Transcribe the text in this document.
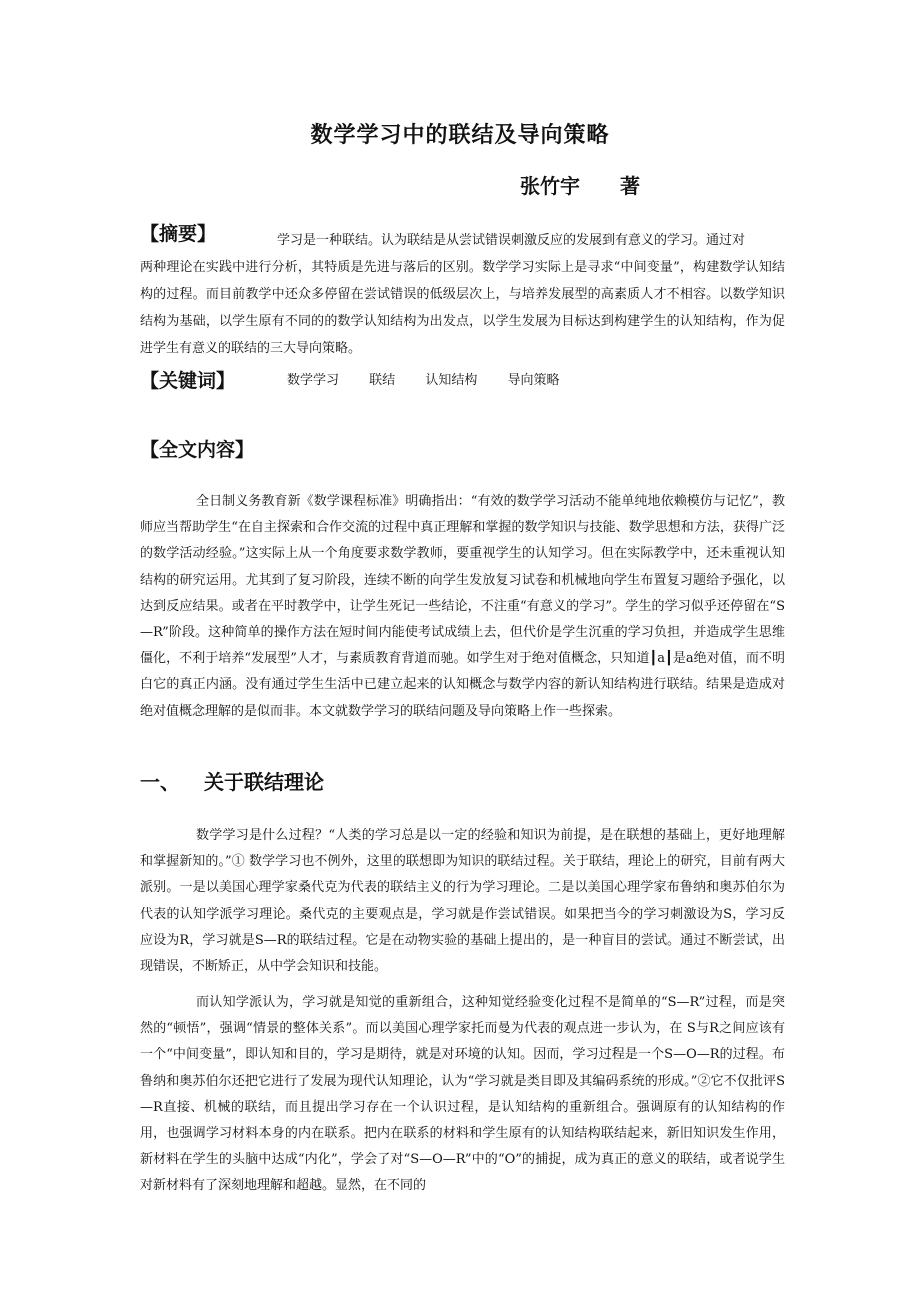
数学学习中的联结及导向策略
张竹宇 著
【摘要】	学习是一种联结。认为联结是从尝试错误刺激反应的发展到有意义的学习。通过对
两种理论在实践中进行分析，其特质是先进与落后的区别。数学学习实际上是寻求“中间变量”，构建数学认知结构的过程。而目前教学中还众多停留在尝试错误的低级层次上，与培养发展型的高素质人才不相容。以数学知识结构为基础，以学生原有不同的的数学认知结构为出发点，以学生发展为目标达到构建学生的认知结构，作为促进学生有意义的联结的三大导向策略。
【关键词】	数学学习 联结 认知结构 导向策略
【全文内容】
全日制义务教育新《数学课程标准》明确指出：“有效的数学学习活动不能单纯地依赖模仿与记忆”，教师应当帮助学生“在自主探索和合作交流的过程中真正理解和掌握的数学知识与技能、数学思想和方法，获得广泛的数学活动经验。”这实际上从一个角度要求数学教师，要重视学生的认知学习。但在实际教学中，还未重视认知结构的研究运用。尤其到了复习阶段，连续不断的向学生发放复习试卷和机械地向学生布置复习题给予强化，以达到反应结果。或者在平时教学中，让学生死记一些结论，不注重“有意义的学习”。学生的学习似乎还停留在“S—R”阶段。这种简单的操作方法在短时间内能使考试成绩上去，但代价是学生沉重的学习负担，并造成学生思维僵化，不利于培养“发展型”人才，与素质教育背道而驰。如学生对于绝对值概念，只知道┃a┃是a绝对值，而不明白它的真正内涵。没有通过学生生活中已建立起来的认知概念与数学内容的新认知结构进行联结。结果是造成对绝对值概念理解的是似而非。本文就数学学习的联结问题及导向策略上作一些探索。
一、 关于联结理论
数学学习是什么过程？“人类的学习总是以一定的经验和知识为前提，是在联想的基础上，更好地理解和掌握新知的。”① 数学学习也不例外，这里的联想即为知识的联结过程。关于联结，理论上的研究，目前有两大派别。一是以美国心理学家桑代克为代表的联结主义的行为学习理论。二是以美国心理学家布鲁纳和奥苏伯尔为代表的认知学派学习理论。桑代克的主要观点是，学习就是作尝试错误。如果把当今的学习刺激设为S，学习反应设为R，学习就是S—R的联结过程。它是在动物实验的基础上提出的，是一种盲目的尝试。通过不断尝试，出现错误，不断矫正，从中学会知识和技能。
而认知学派认为，学习就是知觉的重新组合，这种知觉经验变化过程不是简单的“S—R”过程，而是突然的“顿悟”，强调“情景的整体关系”。而以美国心理学家托而曼为代表的观点进一步认为，在 S与R之间应该有一个“中间变量”，即认知和目的，学习是期待，就是对环境的认知。因而，学习过程是一个S—O—R的过程。布鲁纳和奥苏伯尔还把它进行了发展为现代认知理论，认为“学习就是类目即及其编码系统的形成。”②它不仅批评S—R直接、机械的联结，而且提出学习存在一个认识过程，是认知结构的重新组合。强调原有的认知结构的作用，也强调学习材料本身的内在联系。把内在联系的材料和学生原有的认知结构联结起来，新旧知识发生作用，新材料在学生的头脑中达成“内化”，学会了对“S—O—R”中的“O”的捕捉，成为真正的意义的联结，或者说学生对新材料有了深刻地理解和超越。显然，在不同的
